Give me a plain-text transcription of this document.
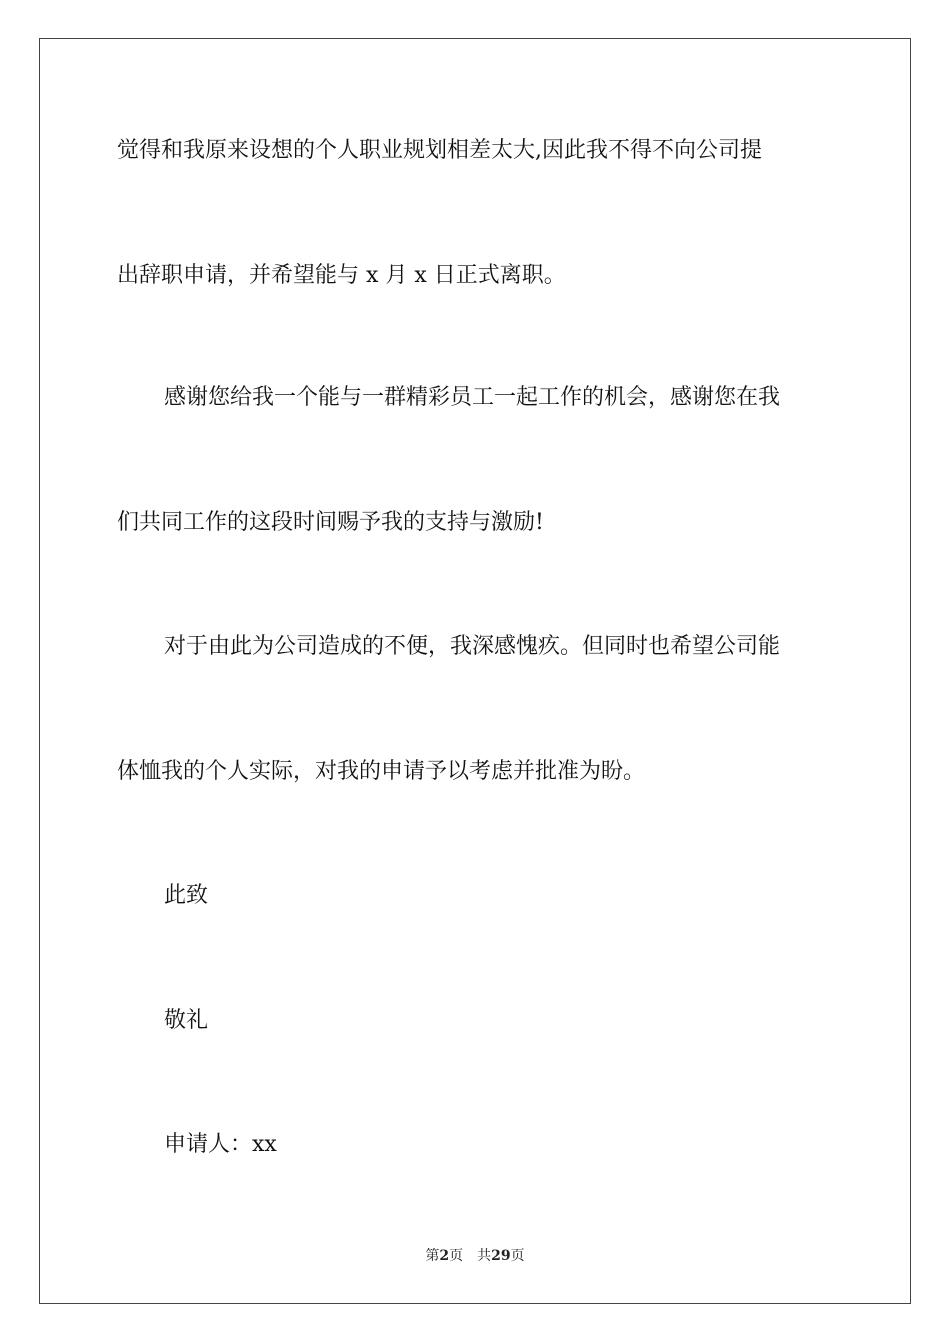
觉得和我原来设想的个人职业规划相差太大,因此我不得不向公司提
出辞职申请，并希望能与 x 月 x 日正式离职。
感谢您给我一个能与一群精彩员工一起工作的机会，感谢您在我
们共同工作的这段时间赐予我的支持与激励!
对于由此为公司造成的不便，我深感愧疚。但同时也希望公司能
体恤我的个人实际，对我的申请予以考虑并批准为盼。
此致
敬礼
申请人：xx
第2页 共29页
